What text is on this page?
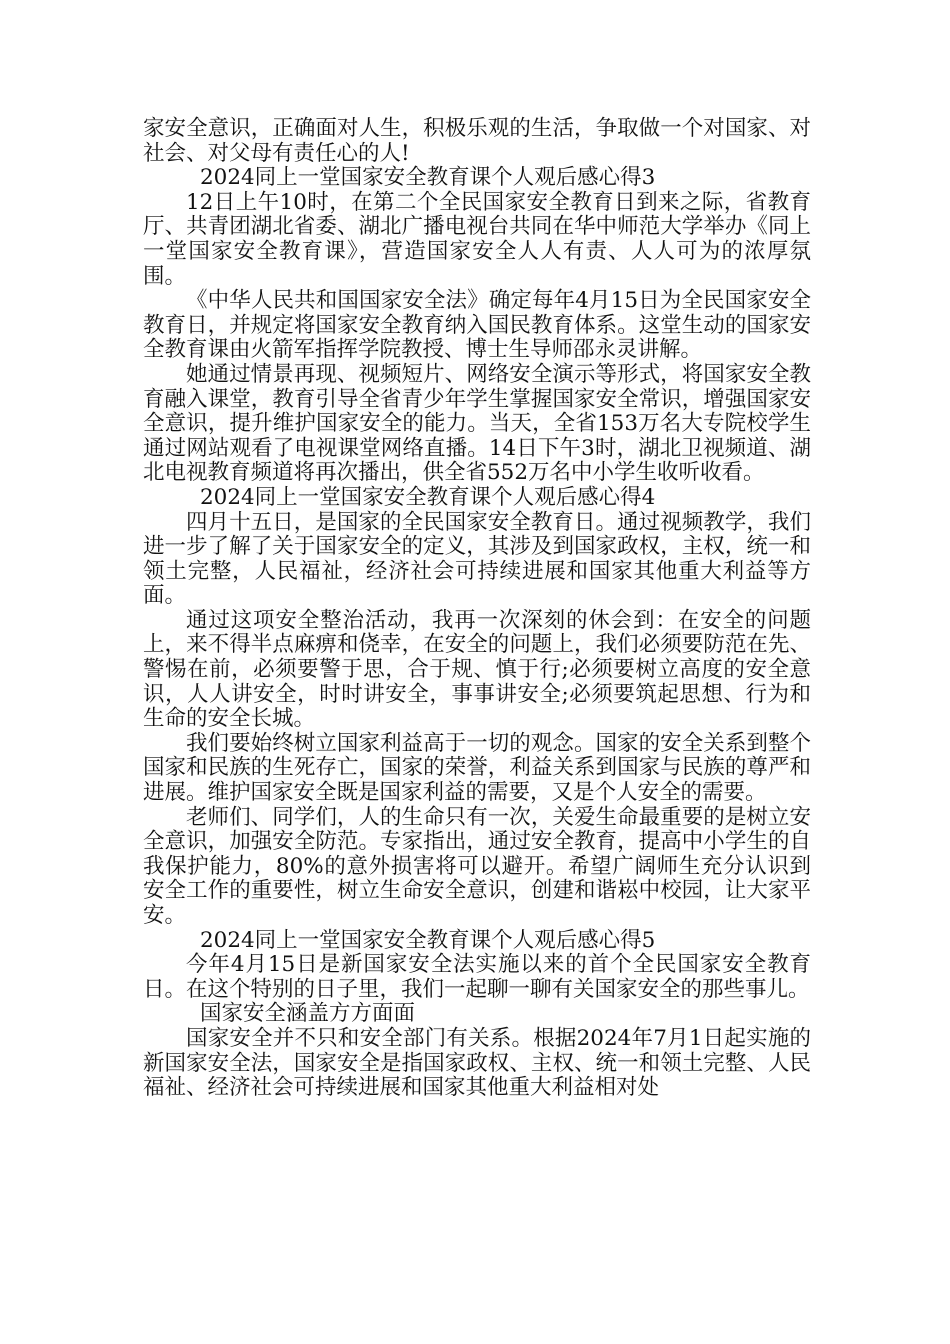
家安全意识，正确面对人生，积极乐观的生活，争取做一个对国家、对社会、对父母有责任心的人!

2024同上一堂国家安全教育课个人观后感心得3

12日上午10时，在第二个全民国家安全教育日到来之际，省教育厅、共青团湖北省委、湖北广播电视台共同在华中师范大学举办《同上一堂国家安全教育课》，营造国家安全人人有责、人人可为的浓厚氛围。

《中华人民共和国国家安全法》确定每年4月15日为全民国家安全教育日，并规定将国家安全教育纳入国民教育体系。这堂生动的国家安全教育课由火箭军指挥学院教授、博士生导师邵永灵讲解。

她通过情景再现、视频短片、网络安全演示等形式，将国家安全教育融入课堂，教育引导全省青少年学生掌握国家安全常识，增强国家安全意识，提升维护国家安全的能力。当天，全省153万名大专院校学生通过网站观看了电视课堂网络直播。14日下午3时，湖北卫视频道、湖北电视教育频道将再次播出，供全省552万名中小学生收听收看。

2024同上一堂国家安全教育课个人观后感心得4

四月十五日，是国家的全民国家安全教育日。通过视频教学，我们进一步了解了关于国家安全的定义，其涉及到国家政权，主权，统一和领土完整，人民福祉，经济社会可持续进展和国家其他重大利益等方面。

通过这项安全整治活动，我再一次深刻的休会到：在安全的问题上，来不得半点麻痹和侥幸，在安全的问题上，我们必须要防范在先、警惕在前，必须要警于思，合于规、慎于行;必须要树立高度的安全意识，人人讲安全，时时讲安全，事事讲安全;必须要筑起思想、行为和生命的安全长城。

我们要始终树立国家利益高于一切的观念。国家的安全关系到整个国家和民族的生死存亡，国家的荣誉，利益关系到国家与民族的尊严和进展。维护国家安全既是国家利益的需要，又是个人安全的需要。

老师们、同学们，人的生命只有一次，关爱生命最重要的是树立安全意识，加强安全防范。专家指出，通过安全教育，提高中小学生的自我保护能力，80%的意外损害将可以避开。希望广阔师生充分认识到安全工作的重要性，树立生命安全意识，创建和谐崧中校园，让大家平安。

2024同上一堂国家安全教育课个人观后感心得5

今年4月15日是新国家安全法实施以来的首个全民国家安全教育日。在这个特别的日子里，我们一起聊一聊有关国家安全的那些事儿。

国家安全涵盖方方面面

国家安全并不只和安全部门有关系。根据2024年7月1日起实施的新国家安全法，国家安全是指国家政权、主权、统一和领土完整、人民福祉、经济社会可持续进展和国家其他重大利益相对处
